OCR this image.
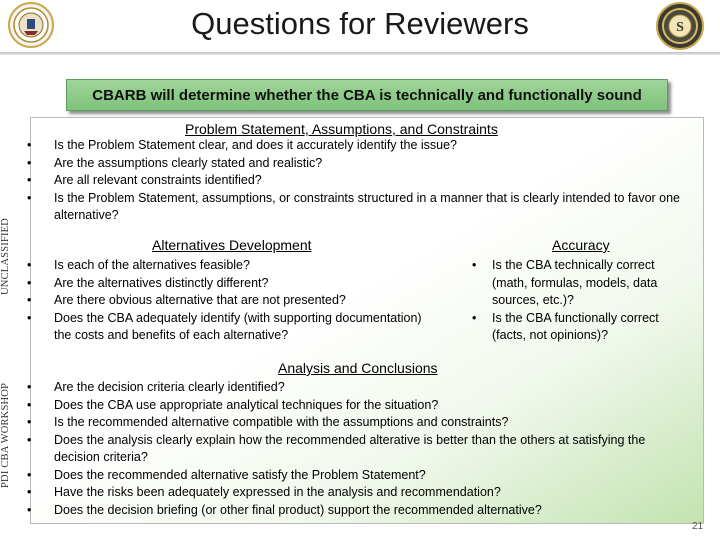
Questions for Reviewers	S
UNCLASSIFIED
PDI CBA WORKSHOP
CBARB will determine whether the CBA is technically and functionally sound
Problem Statement, Assumptions, and Constraints
• Is the Problem Statement clear, and does it accurately identify the issue?
• Are the assumptions clearly stated and realistic?
• Are all relevant constraints identified?
• Is the Problem Statement, assumptions, or constraints structured in a manner that is clearly intended to favor one alternative?
Alternatives Development
• Is each of the alternatives feasible?
• Are the alternatives distinctly different?
• Are there obvious alternative that are not presented?
• Does the CBA adequately identify (with supporting documentation) the costs and benefits of each alternative?
Accuracy
• Is the CBA technically correct (math, formulas, models, data sources, etc.)?
• Is the CBA functionally correct (facts, not opinions)?
Analysis and Conclusions
• Are the decision criteria clearly identified?
• Does the CBA use appropriate analytical techniques for the situation?
• Is the recommended alternative compatible with the assumptions and constraints?
• Does the analysis clearly explain how the recommended alterative is better than the others at satisfying the decision criteria?
• Does the recommended alternative satisfy the Problem Statement?
• Have the risks been adequately expressed in the analysis and recommendation?
• Does the decision briefing (or other final product) support the recommended alternative?
21
